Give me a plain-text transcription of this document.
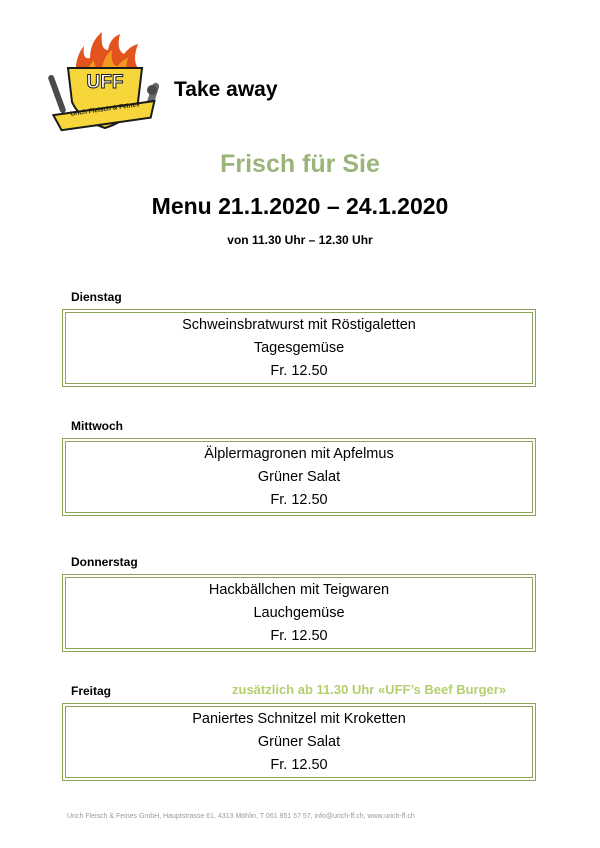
UFF
Urich Fleisch & Feines
Take away
Frisch für Sie
Menu 21.1.2020 – 24.1.2020
von 11.30 Uhr – 12.30 Uhr
Dienstag
Schweinsbratwurst mit Röstigaletten
Tagesgemüse
Fr. 12.50
Mittwoch
Älplermagronen mit Apfelmus
Grüner Salat
Fr. 12.50
Donnerstag
Hackbällchen mit Teigwaren
Lauchgemüse
Fr. 12.50
Freitag	zusätzlich ab 11.30 Uhr «UFF’s Beef Burger»
Paniertes Schnitzel mit Kroketten
Grüner Salat
Fr. 12.50
Urich Fleisch & Feines GmbH, Hauptstrasse 61, 4313 Möhlin, T 061 851 57 57, info@urich-ff.ch, www.urich-ff.ch
